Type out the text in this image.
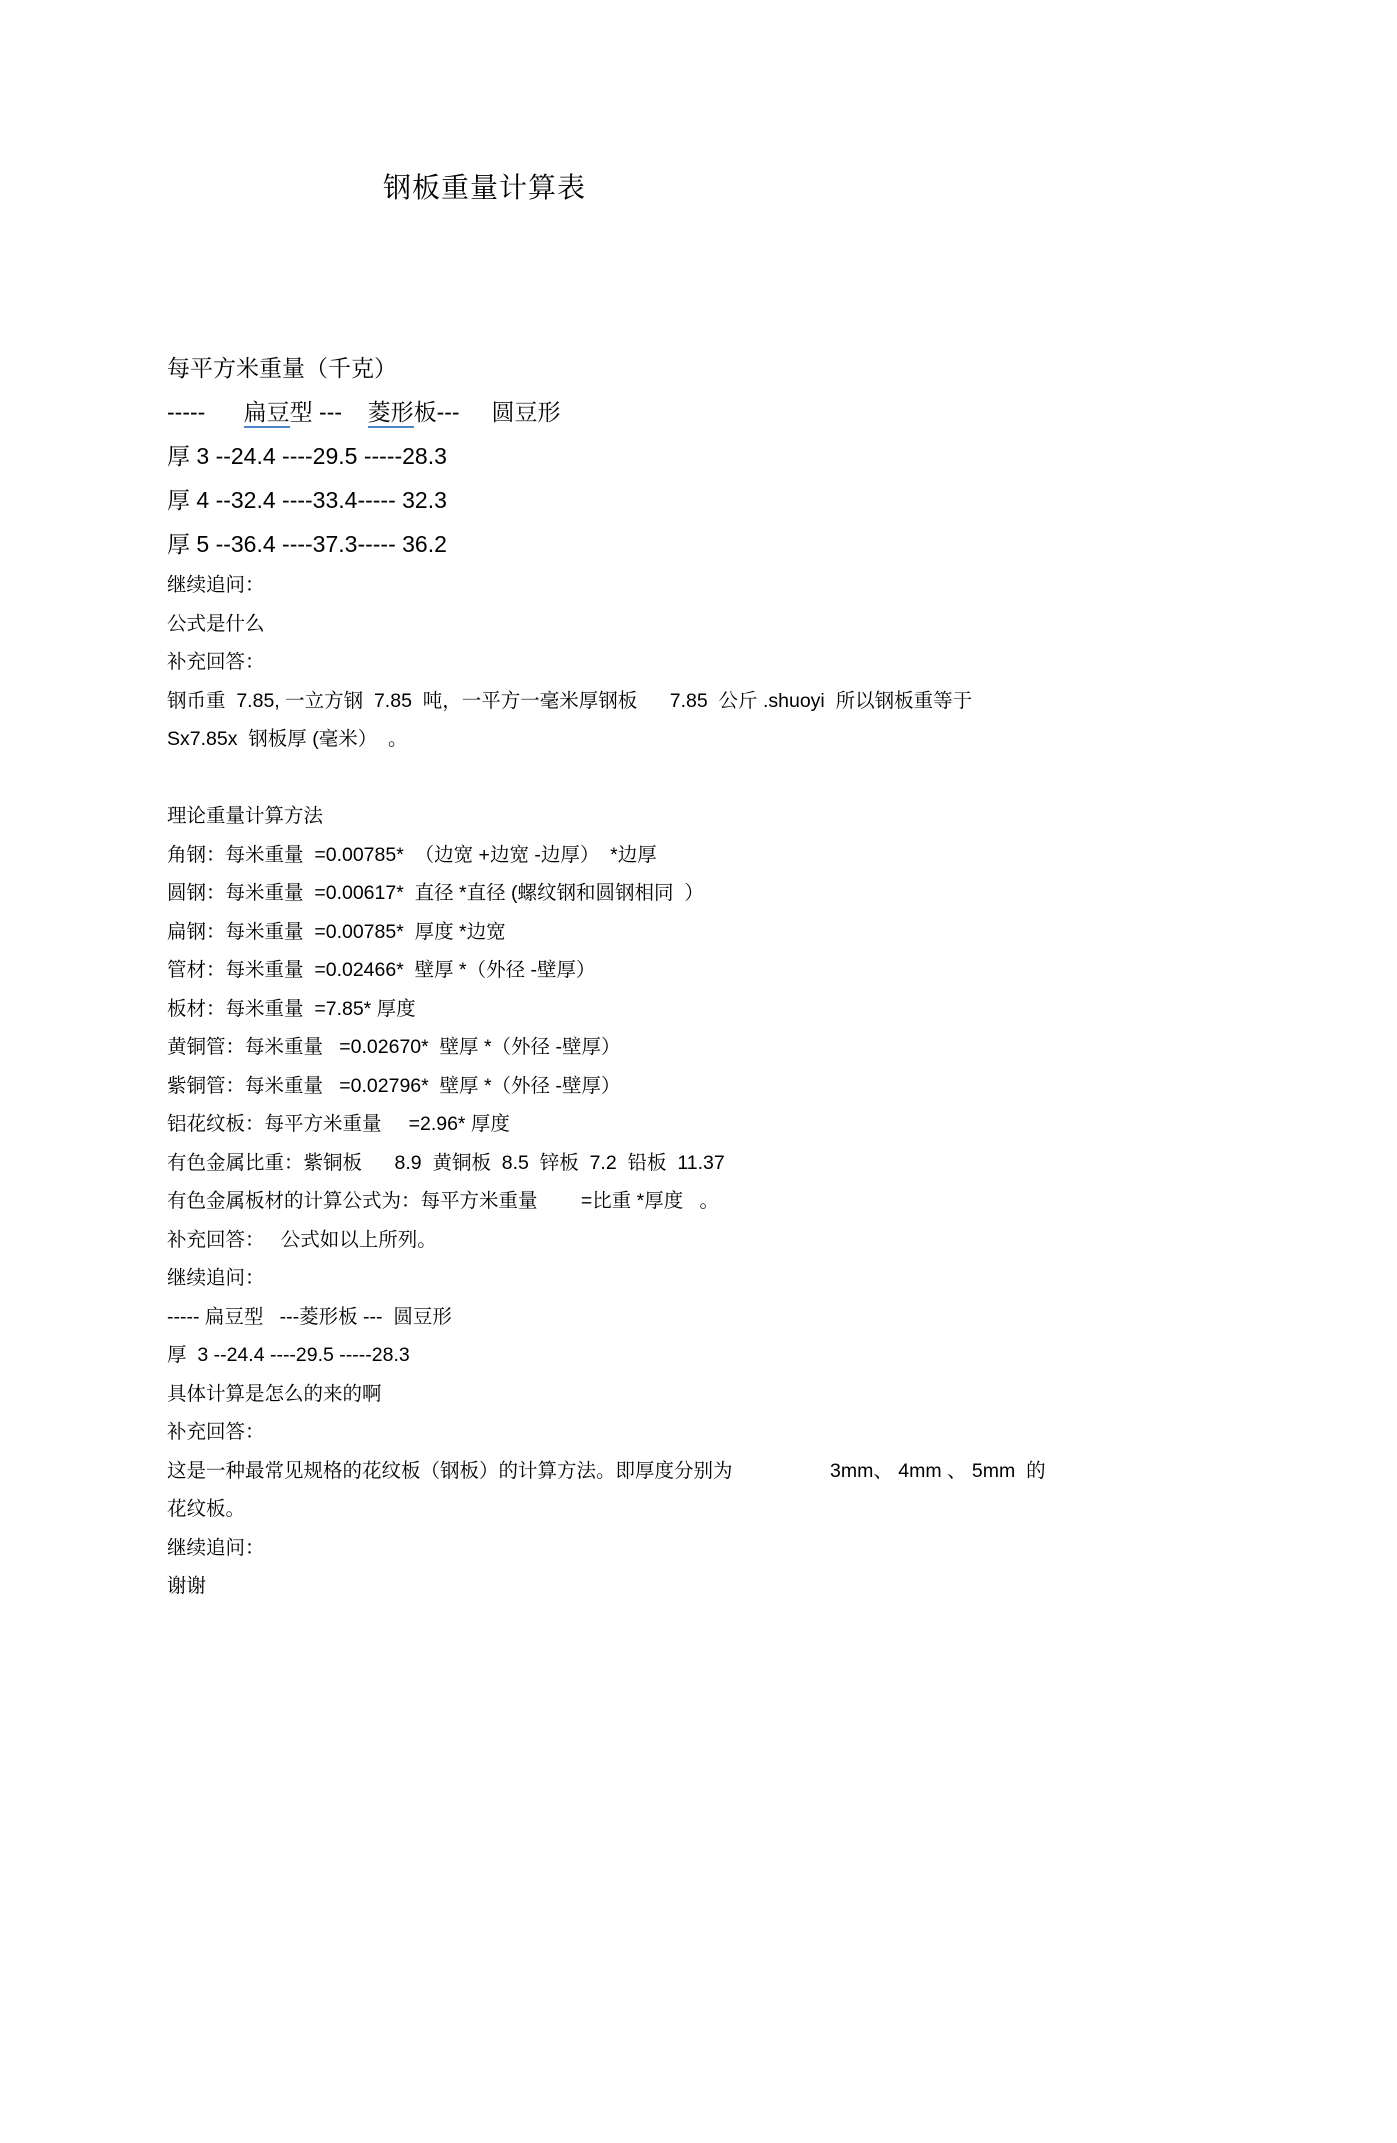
钢板重量计算表
每平方米重量（千克）
-----      扁豆型 ---    菱形板---     圆豆形
厚 3 --24.4 ----29.5 -----28.3
厚 4 --32.4 ----33.4----- 32.3
厚 5 --36.4 ----37.3----- 36.2
继续追问：
公式是什么
补充回答：
钢币重  7.85, 一立方钢  7.85  吨，一平方一毫米厚钢板      7.85  公斤 .shuoyi  所以钢板重等于
Sx7.85x  钢板厚 (毫米）  。

理论重量计算方法
角钢：每米重量  =0.00785*  （边宽 +边宽 -边厚）  *边厚
圆钢：每米重量  =0.00617*  直径 *直径 (螺纹钢和圆钢相同  ）
扁钢：每米重量  =0.00785*  厚度 *边宽
管材：每米重量  =0.02466*  壁厚 *（外径 -壁厚）
板材：每米重量  =7.85* 厚度
黄铜管：每米重量   =0.02670*  壁厚 *（外径 -壁厚）
紫铜管：每米重量   =0.02796*  壁厚 *（外径 -壁厚）
铝花纹板：每平方米重量     =2.96* 厚度
有色金属比重：紫铜板      8.9  黄铜板  8.5  锌板  7.2  铅板  11.37
有色金属板材的计算公式为：每平方米重量        =比重 *厚度   。
补充回答：   公式如以上所列。
继续追问：
----- 扁豆型   ---菱形板 ---  圆豆形
厚  3 --24.4 ----29.5 -----28.3
具体计算是怎么的来的啊
补充回答：
这是一种最常见规格的花纹板（钢板）的计算方法。即厚度分别为                  3mm、 4mm 、 5mm  的
花纹板。
继续追问：
谢谢
